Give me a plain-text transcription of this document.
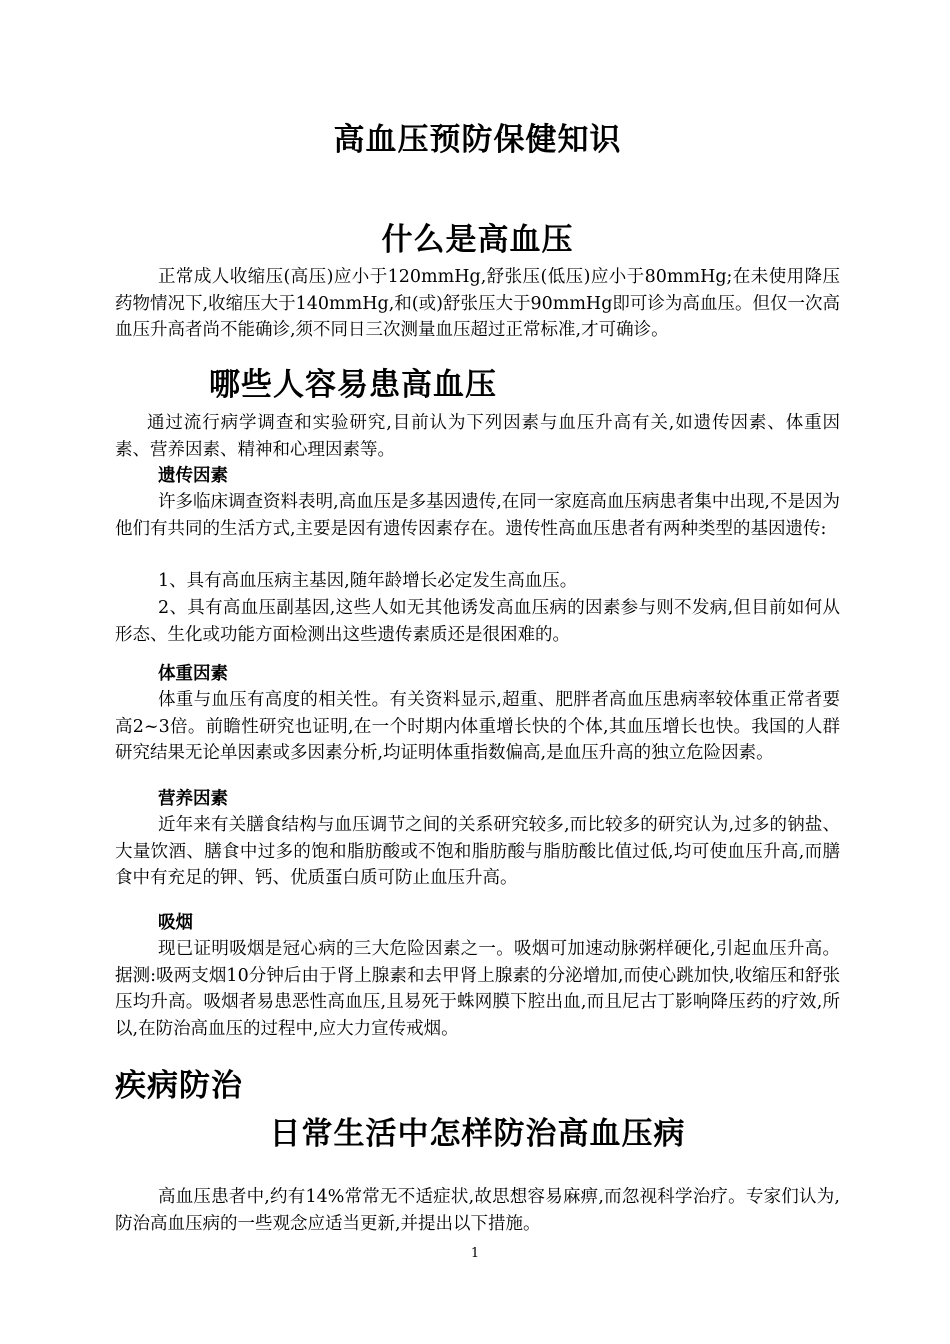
高血压预防保健知识
什么是高血压

正常成人收缩压(高压)应小于120mmHg,舒张压(低压)应小于80mmHg;在未使用降压药物情况下,收缩压大于140mmHg,和(或)舒张压大于90mmHg即可诊为高血压。但仅一次高血压升高者尚不能确诊,须不同日三次测量血压超过正常标准,才可确诊。

哪些人容易患高血压

通过流行病学调查和实验研究,目前认为下列因素与血压升高有关,如遗传因素、体重因素、营养因素、精神和心理因素等。

遗传因素

许多临床调查资料表明,高血压是多基因遗传,在同一家庭高血压病患者集中出现,不是因为他们有共同的生活方式,主要是因有遗传因素存在。遗传性高血压患者有两种类型的基因遗传:

1、具有高血压病主基因,随年龄增长必定发生高血压。

2、具有高血压副基因,这些人如无其他诱发高血压病的因素参与则不发病,但目前如何从形态、生化或功能方面检测出这些遗传素质还是很困难的。

体重因素

体重与血压有高度的相关性。有关资料显示,超重、肥胖者高血压患病率较体重正常者要高2~3倍。前瞻性研究也证明,在一个时期内体重增长快的个体,其血压增长也快。我国的人群研究结果无论单因素或多因素分析,均证明体重指数偏高,是血压升高的独立危险因素。

营养因素

近年来有关膳食结构与血压调节之间的关系研究较多,而比较多的研究认为,过多的钠盐、大量饮酒、膳食中过多的饱和脂肪酸或不饱和脂肪酸与脂肪酸比值过低,均可使血压升高,而膳食中有充足的钾、钙、优质蛋白质可防止血压升高。

吸烟

现已证明吸烟是冠心病的三大危险因素之一。吸烟可加速动脉粥样硬化,引起血压升高。据测:吸两支烟10分钟后由于肾上腺素和去甲肾上腺素的分泌增加,而使心跳加快,收缩压和舒张压均升高。吸烟者易患恶性高血压,且易死于蛛网膜下腔出血,而且尼古丁影响降压药的疗效,所以,在防治高血压的过程中,应大力宣传戒烟。

疾病防治
日常生活中怎样防治高血压病

高血压患者中,约有14%常常无不适症状,故思想容易麻痹,而忽视科学治疗。专家们认为,防治高血压病的一些观念应适当更新,并提出以下措施。

1
